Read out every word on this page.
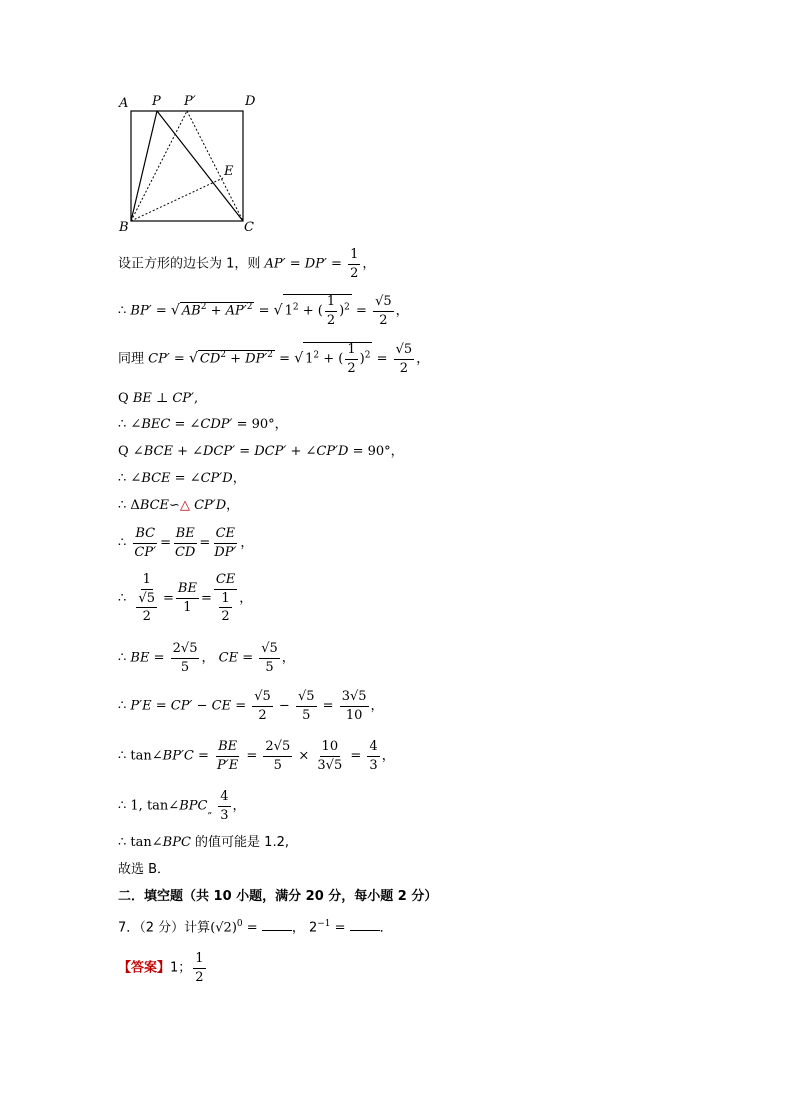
A P P′	D
E
B	C
设正方形的边长为 1，则 $AP' = DP' = \frac{1}{2}$ ，
∴ BP′ = √ $AB^2 + AP'^2$ = √ $1^2$ + ( $\frac{1}{2} )^2 = \frac{√5}{2}$ ，
同理 CP′ = √ $CD^2 + DP'^2$ = √ $1^2$ + ( $\frac{1}{2} )^2 = \frac{√5}{2}$ ，
Q BE ⊥ CP′,
∴ ∠BEC = ∠CDP′ = 90°，
Q ∠BCE + ∠DCP′ = DCP′ + ∠CP′D = 90°，
∴ ∠BCE = ∠CP′D，
∴ ΔBCE∽△ CP′D，
∴ $\frac{BC}{CP'} = \frac{BE}{CD} = \frac{CE}{DP'}$ ，
∴ $\frac{1}{\frac{√5}{2}} = \frac{BE}{1} = \frac{CE}{\frac{1}{2}}$ ，
∴ BE = $\frac{2√5}{5}$ ， CE = $\frac{√5}{5}$ ，
∴ P′E = CP′ − CE = $\frac{√5}{2} - \frac{√5}{5} = \frac{3√5}{10}$ ，
∴ tan∠BP′C = $\frac{BE}{P'E} = \frac{2√5}{5} \times \frac{10}{3√5} = \frac{4}{3}$ ，
∴ 1, $\tan\angle BPC_„ \frac{4}{3}$ ，
∴ tan∠BPC 的值可能是 1.2,
故选 B．
二．填空题（共 10 小题，满分 20 分，每小题 2 分）
7．（2 分）计算$(√2)^0$ =	， $2^{-1}$ = ．
【答案】1； $\frac{1}{2}$
